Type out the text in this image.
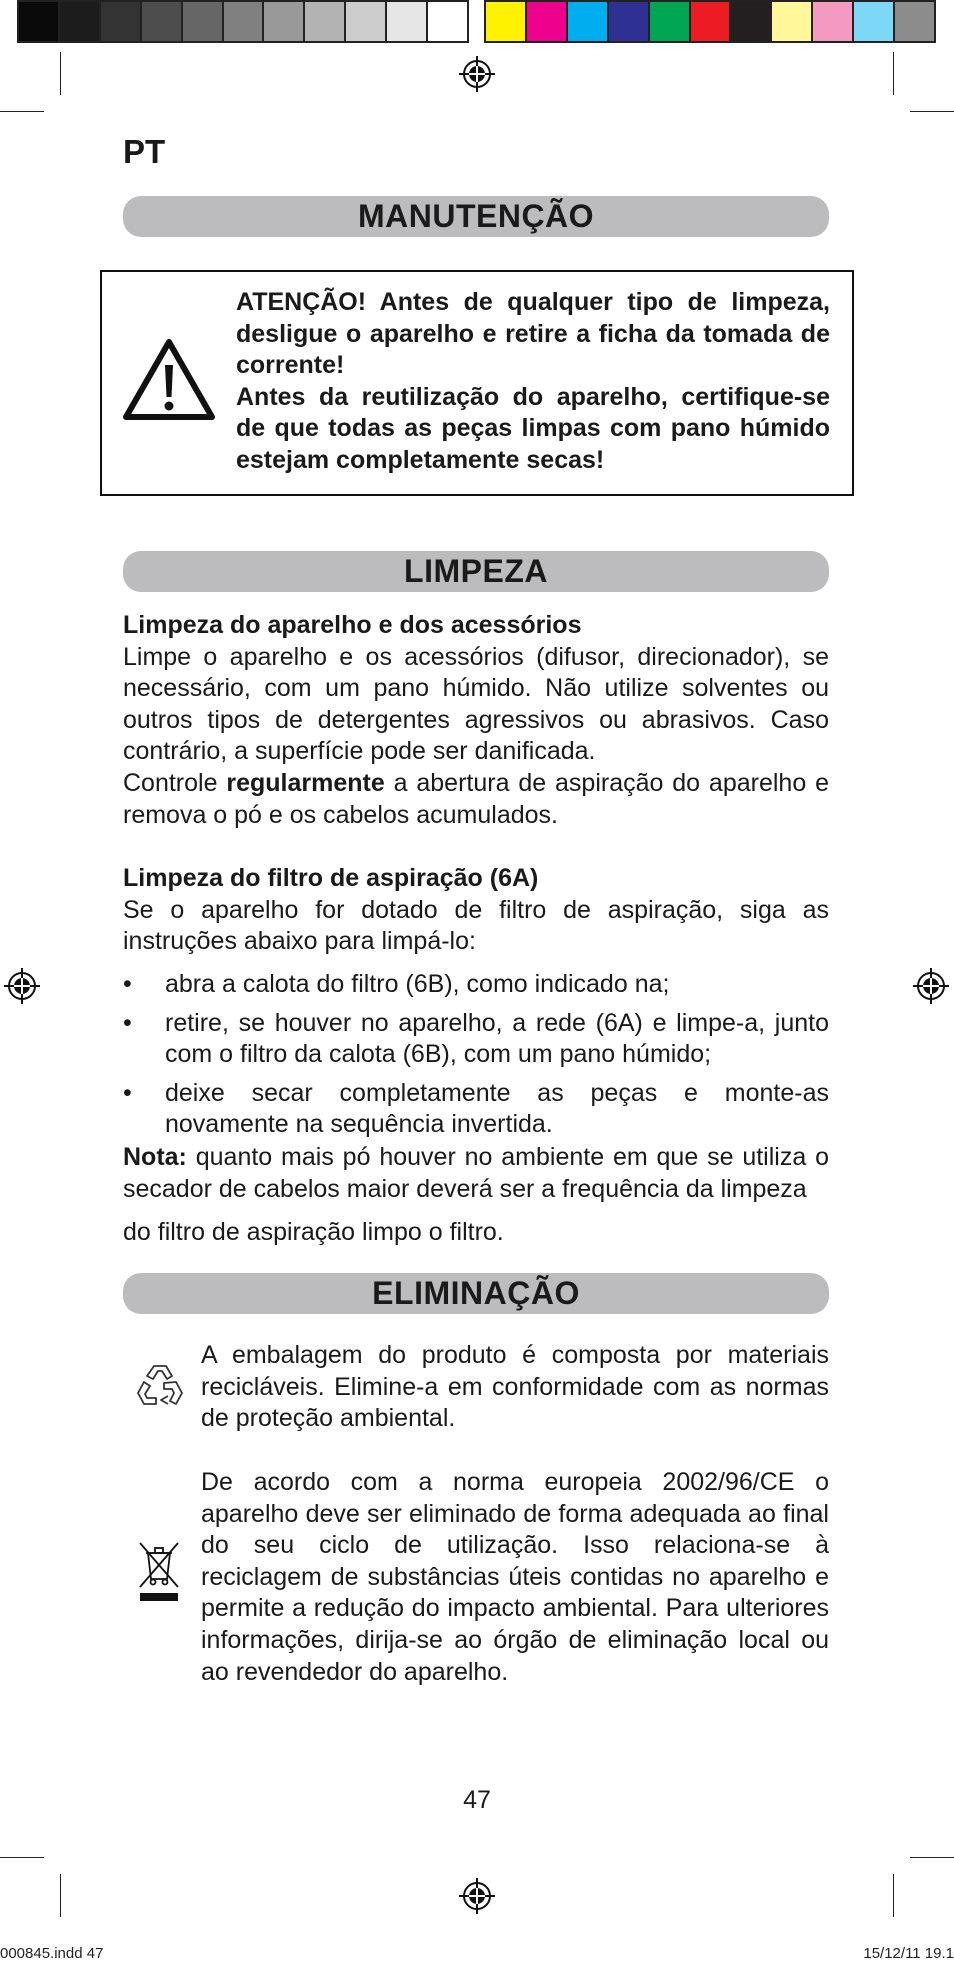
PT
MANUTENÇÃO
ATENÇÃO! Antes de qualquer tipo de limpeza, desligue o aparelho e retire a ficha da tomada de corrente!
Antes da reutilização do aparelho, certifique-se de que todas as peças limpas com pano húmido estejam completamente secas!
LIMPEZA
Limpeza do aparelho e dos acessórios
Limpe o aparelho e os acessórios (difusor, direcionador), se necessário, com um pano húmido. Não utilize solventes ou outros tipos de detergentes agressivos ou abrasivos. Caso contrário, a superfície pode ser danificada.
Controle regularmente a abertura de aspiração do aparelho e remova o pó e os cabelos acumulados.
Limpeza do filtro de aspiração (6A)
Se o aparelho for dotado de filtro de aspiração, siga as instruções abaixo para limpá-lo:
• abra a calota do filtro (6B), como indicado na;
• retire, se houver no aparelho, a rede (6A) e limpe-a, junto com o filtro da calota (6B), com um pano húmido;
• deixe secar completamente as peças e monte-as novamente na sequência invertida.
Nota: quanto mais pó houver no ambiente em que se utiliza o secador de cabelos maior deverá ser a frequência da limpeza
do filtro de aspiração limpo o filtro.
ELIMINAÇÃO
A embalagem do produto é composta por materiais recicláveis. Elimine-a em conformidade com as normas de proteção ambiental.
De acordo com a norma europeia 2002/96/CE o aparelho deve ser eliminado de forma adequada ao final do seu ciclo de utilização. Isso relaciona-se à reciclagem de substâncias úteis contidas no aparelho e permite a redução do impacto ambiental. Para ulteriores informações, dirija-se ao órgão de eliminação local ou ao revendedor do aparelho.
47
000845.indd 47	15/12/11 19.1
